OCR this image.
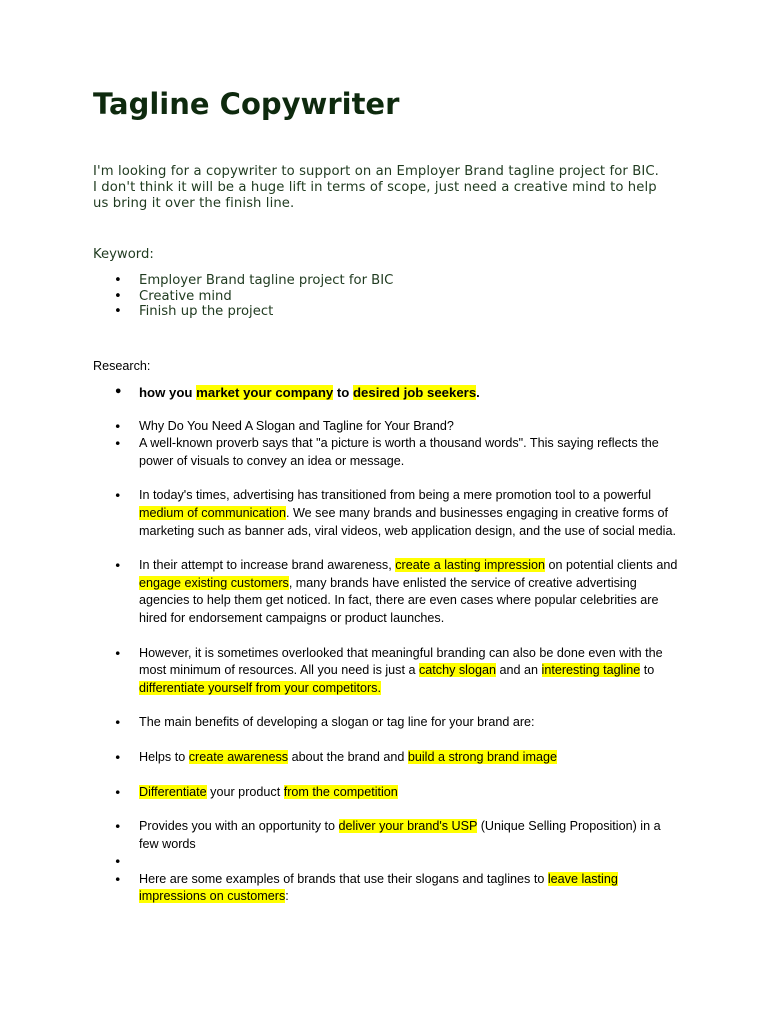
Tagline Copywriter

I'm looking for a copywriter to support on an Employer Brand tagline project for BIC. I don't think it will be a huge lift in terms of scope, just need a creative mind to help us bring it over the finish line.

Keyword:

• Employer Brand tagline project for BIC
• Creative mind
• Finish up the project

Research:

• how you market your company to desired job seekers.
• Why Do You Need A Slogan and Tagline for Your Brand?
• A well-known proverb says that "a picture is worth a thousand words". This saying reflects the power of visuals to convey an idea or message.
• In today's times, advertising has transitioned from being a mere promotion tool to a powerful medium of communication. We see many brands and businesses engaging in creative forms of marketing such as banner ads, viral videos, web application design, and the use of social media.
• In their attempt to increase brand awareness, create a lasting impression on potential clients and engage existing customers, many brands have enlisted the service of creative advertising agencies to help them get noticed. In fact, there are even cases where popular celebrities are hired for endorsement campaigns or product launches.
• However, it is sometimes overlooked that meaningful branding can also be done even with the most minimum of resources. All you need is just a catchy slogan and an interesting tagline to differentiate yourself from your competitors.
• The main benefits of developing a slogan or tag line for your brand are:
• Helps to create awareness about the brand and build a strong brand image
• Differentiate your product from the competition
• Provides you with an opportunity to deliver your brand's USP (Unique Selling Proposition) in a few words
•
• Here are some examples of brands that use their slogans and taglines to leave lasting impressions on customers:
